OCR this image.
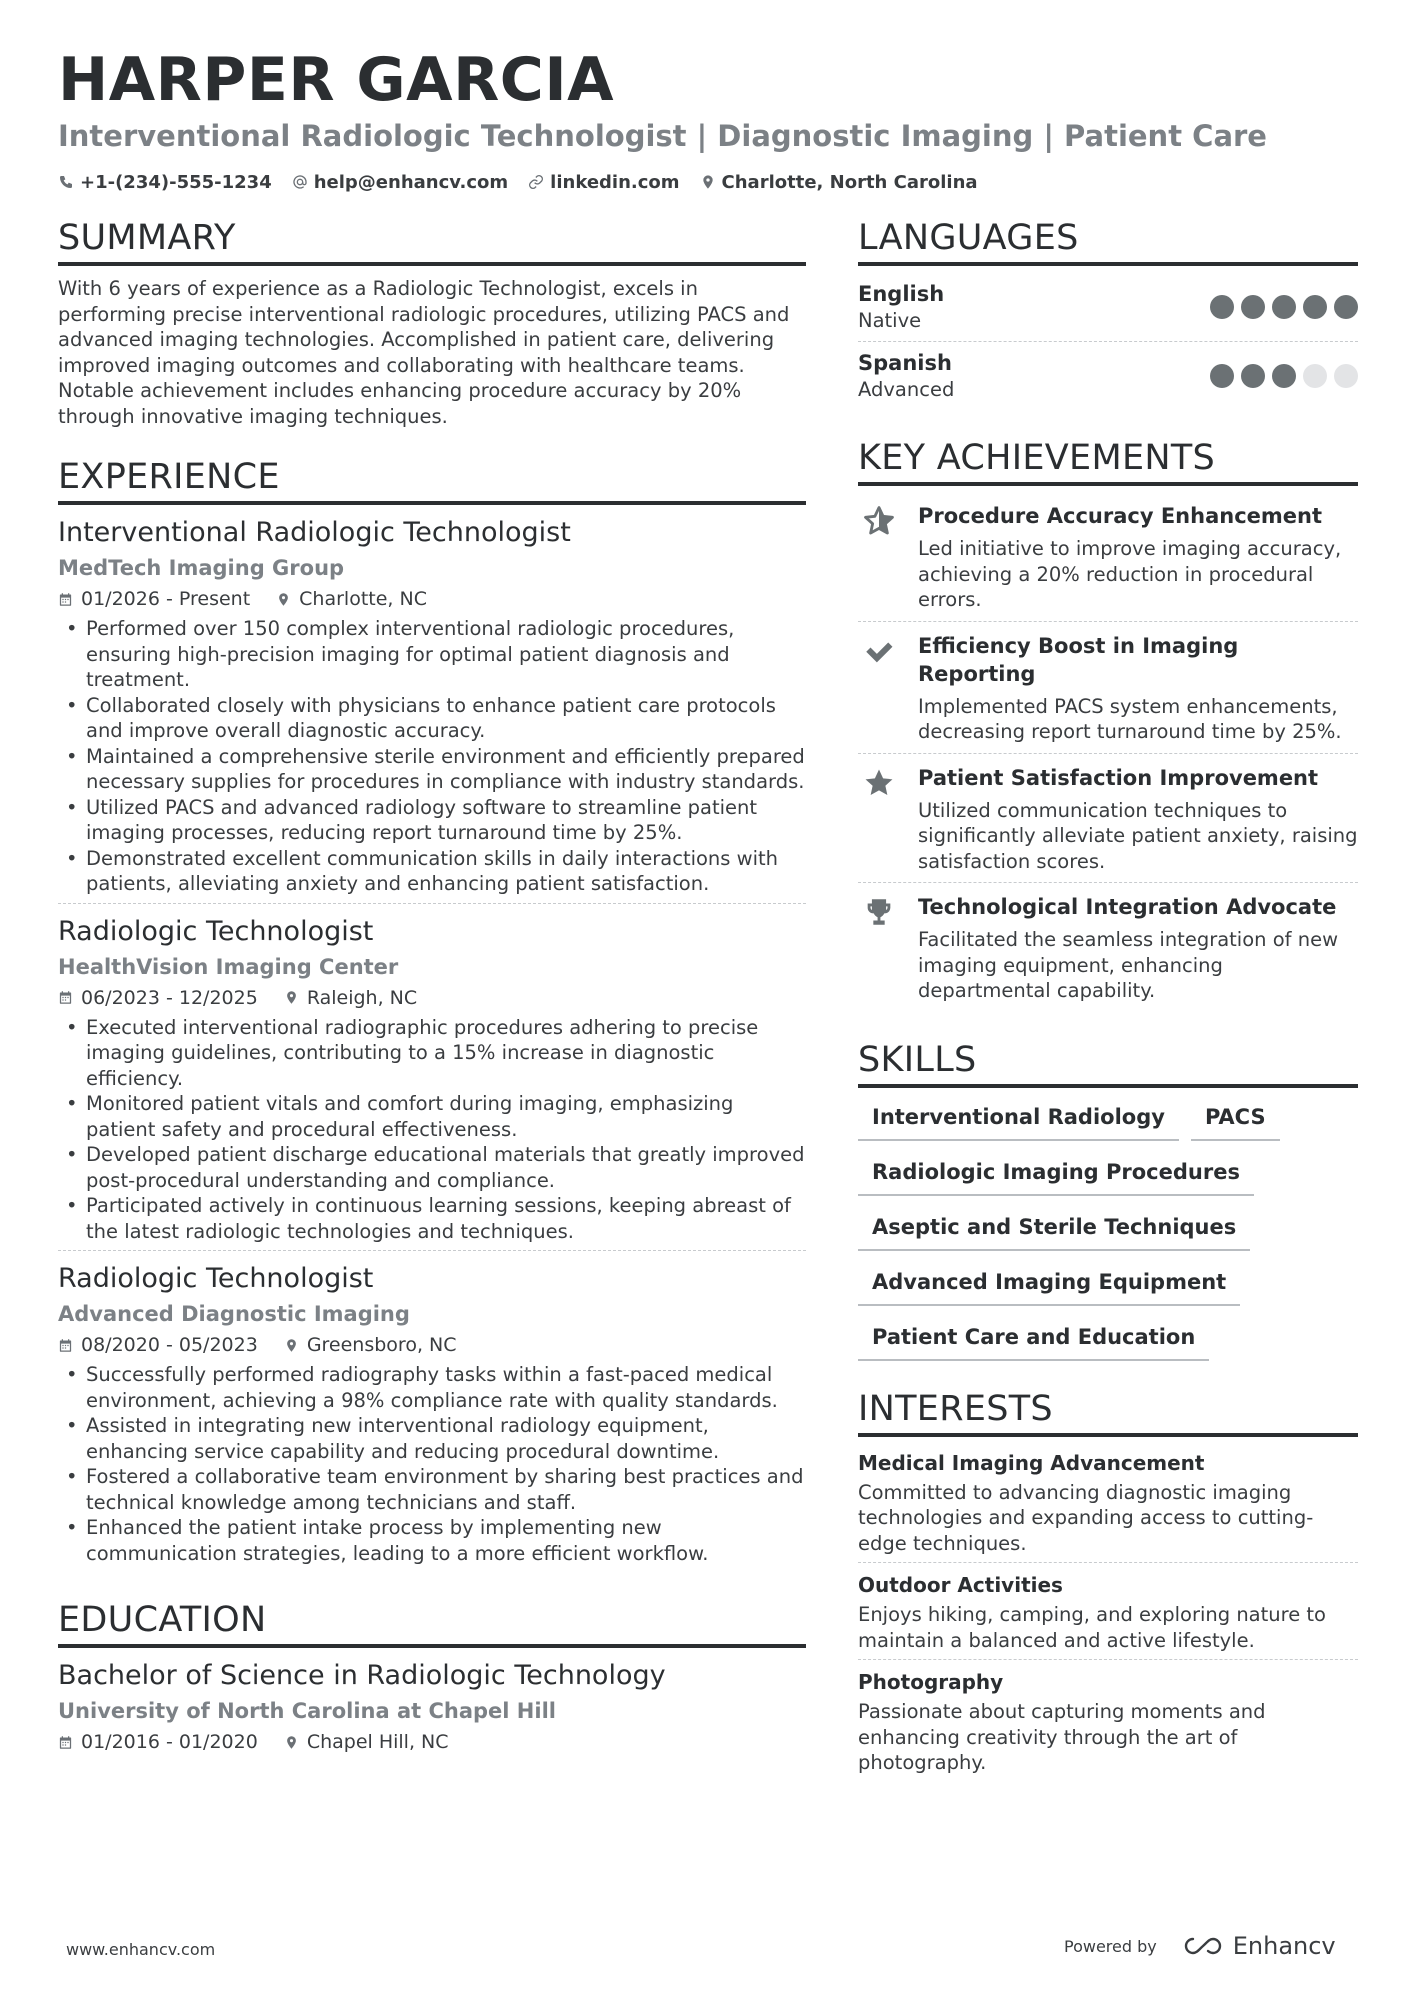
HARPER GARCIA
Interventional Radiologic Technologist | Diagnostic Imaging | Patient Care
+1-(234)-555-1234 help@enhancv.com linkedin.com Charlotte, North Carolina
SUMMARY
With 6 years of experience as a Radiologic Technologist, excels in performing precise interventional radiologic procedures, utilizing PACS and advanced imaging technologies. Accomplished in patient care, delivering improved imaging outcomes and collaborating with healthcare teams. Notable achievement includes enhancing procedure accuracy by 20% through innovative imaging techniques.
EXPERIENCE
Interventional Radiologic Technologist
MedTech Imaging Group
01/2026 - Present	Charlotte, NC
• Performed over 150 complex interventional radiologic procedures, ensuring high-precision imaging for optimal patient diagnosis and treatment.
• Collaborated closely with physicians to enhance patient care protocols and improve overall diagnostic accuracy.
• Maintained a comprehensive sterile environment and efficiently prepared necessary supplies for procedures in compliance with industry standards.
• Utilized PACS and advanced radiology software to streamline patient imaging processes, reducing report turnaround time by 25%.
• Demonstrated excellent communication skills in daily interactions with patients, alleviating anxiety and enhancing patient satisfaction.
Radiologic Technologist
HealthVision Imaging Center
06/2023 - 12/2025	Raleigh, NC
• Executed interventional radiographic procedures adhering to precise imaging guidelines, contributing to a 15% increase in diagnostic efficiency.
• Monitored patient vitals and comfort during imaging, emphasizing patient safety and procedural effectiveness.
• Developed patient discharge educational materials that greatly improved post-procedural understanding and compliance.
• Participated actively in continuous learning sessions, keeping abreast of the latest radiologic technologies and techniques.
Radiologic Technologist
Advanced Diagnostic Imaging
08/2020 - 05/2023	Greensboro, NC
• Successfully performed radiography tasks within a fast-paced medical environment, achieving a 98% compliance rate with quality standards.
• Assisted in integrating new interventional radiology equipment, enhancing service capability and reducing procedural downtime.
• Fostered a collaborative team environment by sharing best practices and technical knowledge among technicians and staff.
• Enhanced the patient intake process by implementing new communication strategies, leading to a more efficient workflow.
EDUCATION
Bachelor of Science in Radiologic Technology
University of North Carolina at Chapel Hill
01/2016 - 01/2020	Chapel Hill, NC
LANGUAGES
English
Native
Spanish
Advanced
KEY ACHIEVEMENTS
Procedure Accuracy Enhancement
Led initiative to improve imaging accuracy, achieving a 20% reduction in procedural errors.
Efficiency Boost in Imaging Reporting
Implemented PACS system enhancements, decreasing report turnaround time by 25%.
Patient Satisfaction Improvement
Utilized communication techniques to significantly alleviate patient anxiety, raising satisfaction scores.
Technological Integration Advocate
Facilitated the seamless integration of new imaging equipment, enhancing departmental capability.
SKILLS
Interventional Radiology	PACS
Radiologic Imaging Procedures
Aseptic and Sterile Techniques
Advanced Imaging Equipment
Patient Care and Education
INTERESTS
Medical Imaging Advancement
Committed to advancing diagnostic imaging technologies and expanding access to cutting-edge techniques.
Outdoor Activities
Enjoys hiking, camping, and exploring nature to maintain a balanced and active lifestyle.
Photography
Passionate about capturing moments and enhancing creativity through the art of photography.
www.enhancv.com	Powered by	Enhancv
